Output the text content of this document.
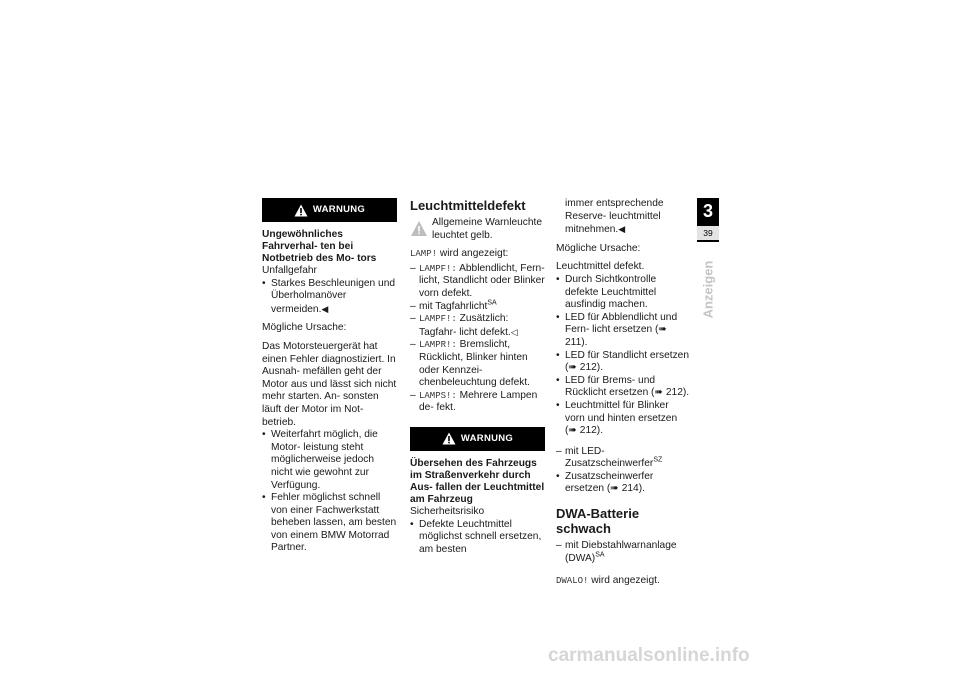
WARNUNG
Ungewöhnliches Fahrverhal- ten bei Notbetrieb des Mo- tors
Unfallgefahr
• Starkes Beschleunigen und Überholmanöver vermeiden.◀

Mögliche Ursache:

Das Motorsteuergerät hat einen Fehler diagnostiziert. In Ausnah- mefällen geht der Motor aus und lässt sich nicht mehr starten. An- sonsten läuft der Motor im Not- betrieb.
• Weiterfahrt möglich, die Motor- leistung steht möglicherweise jedoch nicht wie gewohnt zur Verfügung.
• Fehler möglichst schnell von einer Fachwerkstatt beheben lassen, am besten von einem BMW Motorrad Partner.
Leuchtmitteldefekt
Allgemeine Warnleuchte leuchtet gelb.
LAMP! wird angezeigt:
– LAMPF!: Abblendlicht, Fern- licht, Standlicht oder Blinker vorn defekt.
– mit Tagfahrlicht$^{SA}$
– LAMPF!: Zusätzlich: Tagfahr- licht defekt.◁
– LAMPR!: Bremslicht, Rücklicht, Blinker hinten oder Kennzei- chenbeleuchtung defekt.
– LAMPS!: Mehrere Lampen de- fekt.
WARNUNG
Übersehen des Fahrzeugs im Straßenverkehr durch Aus- fallen der Leuchtmittel am Fahrzeug
Sicherheitsrisiko
• Defekte Leuchtmittel möglichst schnell ersetzen, am besten

immer entsprechende Reserve- leuchtmittel mitnehmen.◀

Mögliche Ursache:

Leuchtmittel defekt.
• Durch Sichtkontrolle defekte Leuchtmittel ausfindig machen.
• LED für Abblendlicht und Fern- licht ersetzen (➠ 211).
• LED für Standlicht ersetzen (➠ 212).
• LED für Brems- und Rücklicht ersetzen (➠ 212).
• Leuchtmittel für Blinker vorn und hinten ersetzen (➠ 212).
– mit LED-Zusatzscheinwerfer$^{SZ}$
• Zusatzscheinwerfer ersetzen (➠ 214).
DWA-Batterie schwach
– mit Diebstahlwarnanlage (DWA)$^{SA}$
DWALO! wird angezeigt.
3
39
Anzeigen
carmanualsonline.info
